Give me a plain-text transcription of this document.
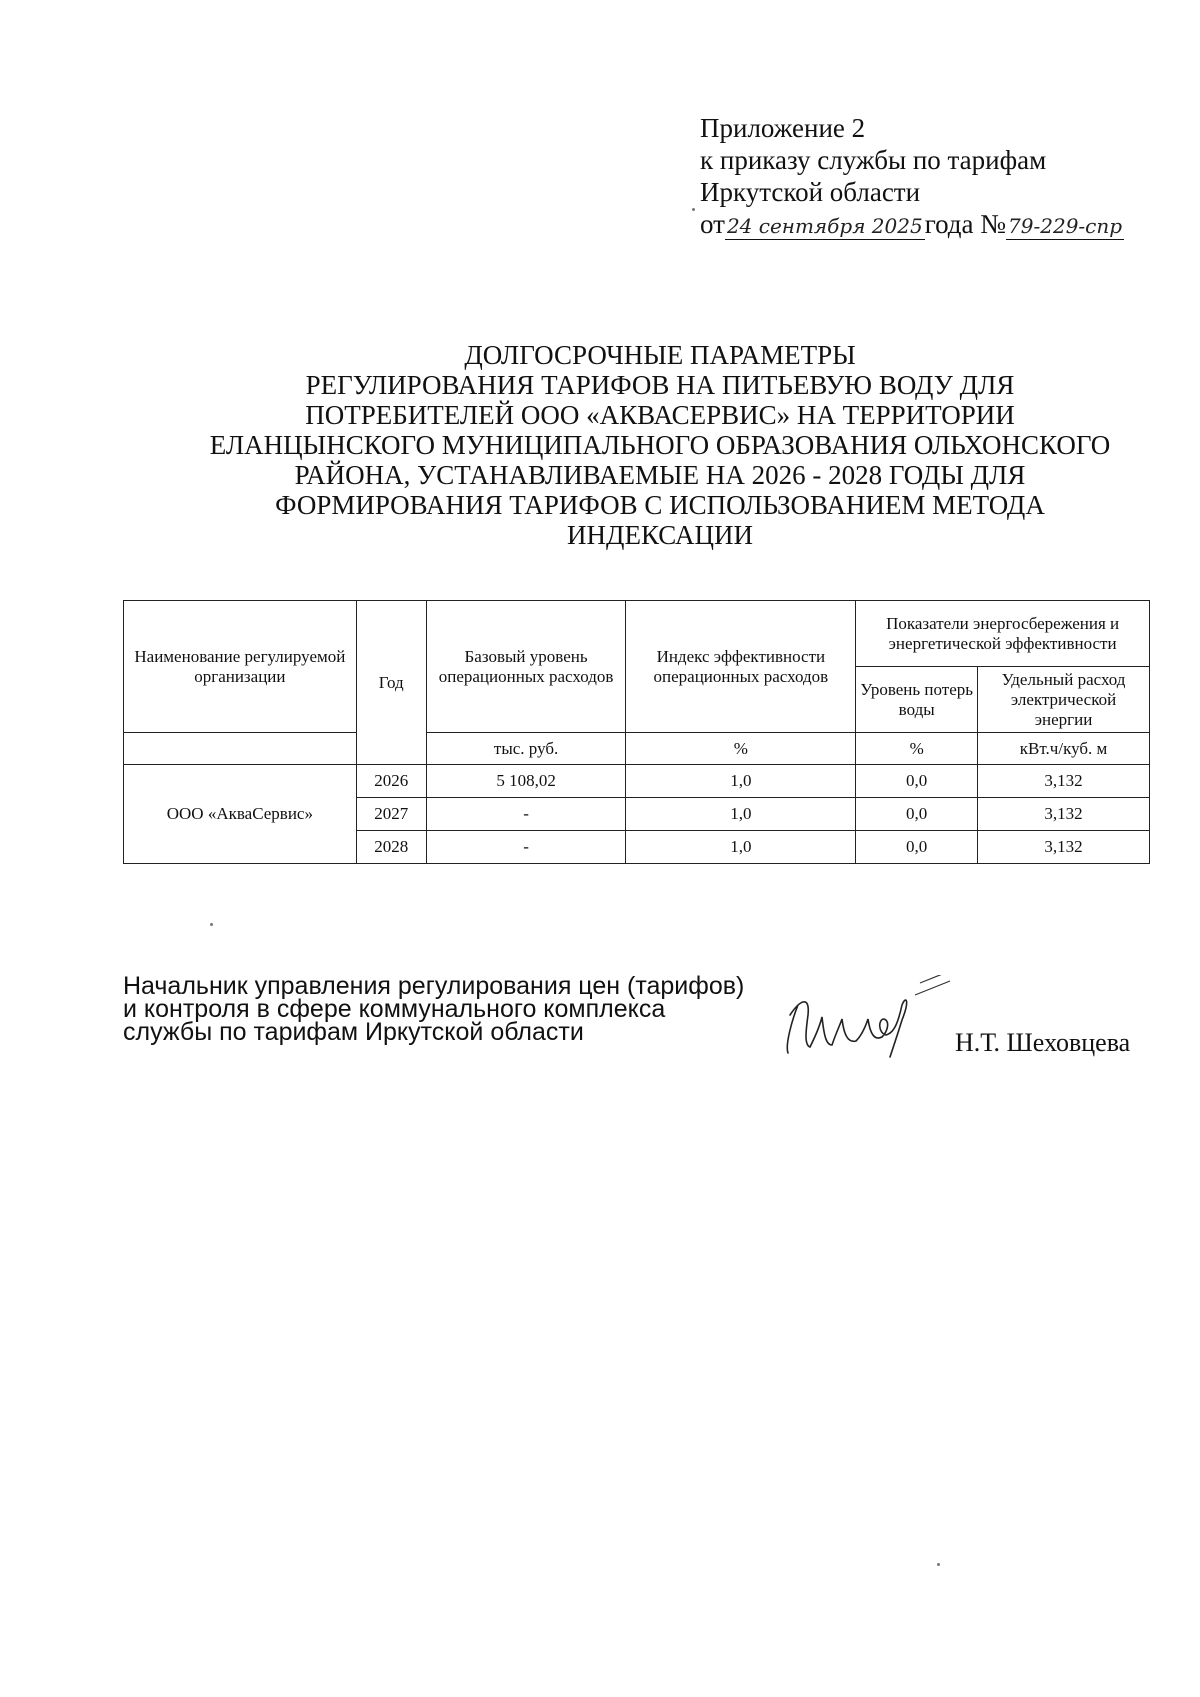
Приложение 2
к приказу службы по тарифам
Иркутской области
от 24 сентября 2025года № 79-229-спр
ДОЛГОСРОЧНЫЕ ПАРАМЕТРЫ
РЕГУЛИРОВАНИЯ ТАРИФОВ НА ПИТЬЕВУЮ ВОДУ ДЛЯ
ПОТРЕБИТЕЛЕЙ ООО «АКВАСЕРВИС» НА ТЕРРИТОРИИ
ЕЛАНЦЫНСКОГО МУНИЦИПАЛЬНОГО ОБРАЗОВАНИЯ ОЛЬХОНСКОГО
РАЙОНА, УСТАНАВЛИВАЕМЫЕ НА 2026 - 2028 ГОДЫ ДЛЯ
ФОРМИРОВАНИЯ ТАРИФОВ С ИСПОЛЬЗОВАНИЕМ МЕТОДА
ИНДЕКСАЦИИ
Наименование регулируемой организации	Год	Базовый уровень операционных расходов	Индекс эффективности операционных расходов	Показатели энергосбережения и энергетической эффективности	
				Уровень потерь воды	Удельный расход электрической энергии
		тыс. руб.	%	%	кВт.ч/куб. м
ООО «АкваСервис»	2026	5 108,02	1,0	0,0	3,132
	2027	-	1,0	0,0	3,132
	2028	-	1,0	0,0	3,132
Начальник управления регулирования цен (тарифов)
и контроля в сфере коммунального комплекса
службы по тарифам Иркутской области	Н.Т. Шеховцева
